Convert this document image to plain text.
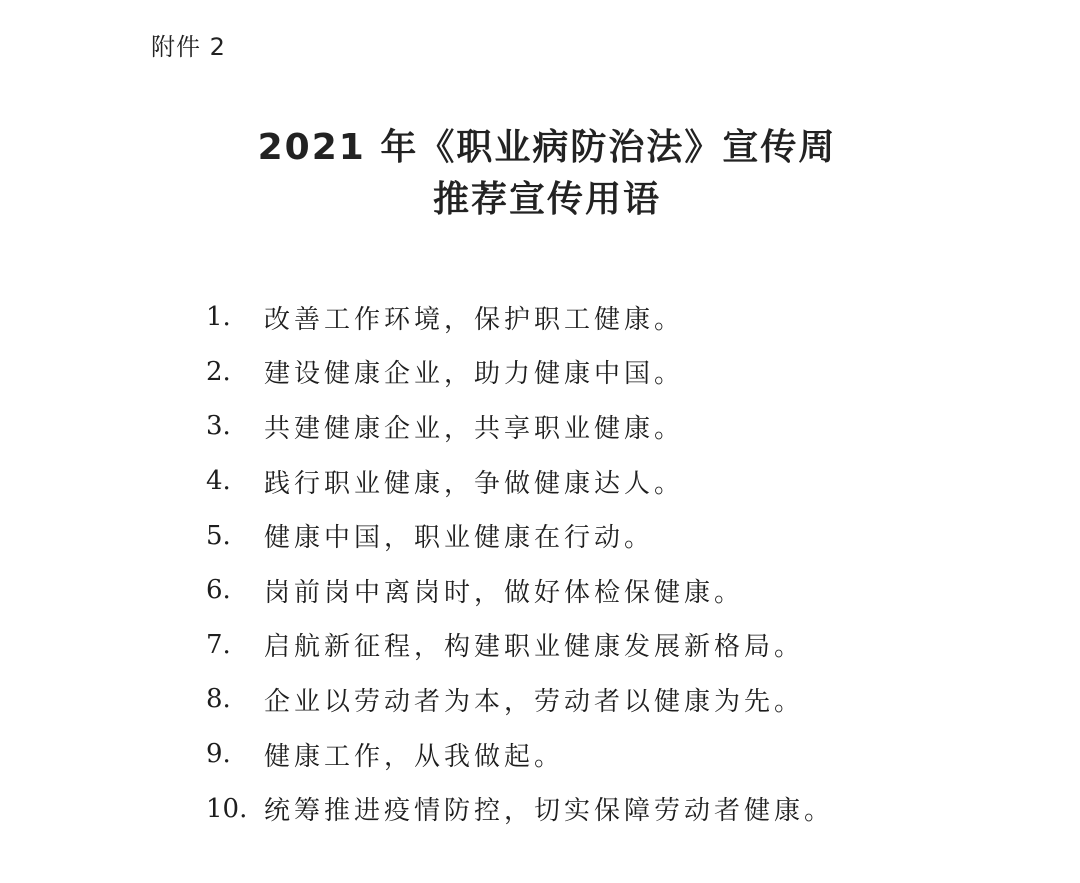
附件 2
2021 年《职业病防治法》宣传周
推荐宣传用语
1.	改善工作环境，保护职工健康。
2.	建设健康企业，助力健康中国。
3.	共建健康企业，共享职业健康。
4.	践行职业健康，争做健康达人。
5.	健康中国，职业健康在行动。
6.	岗前岗中离岗时，做好体检保健康。
7.	启航新征程，构建职业健康发展新格局。
8.	企业以劳动者为本，劳动者以健康为先。
9.	健康工作，从我做起。
10. 统筹推进疫情防控，切实保障劳动者健康。
